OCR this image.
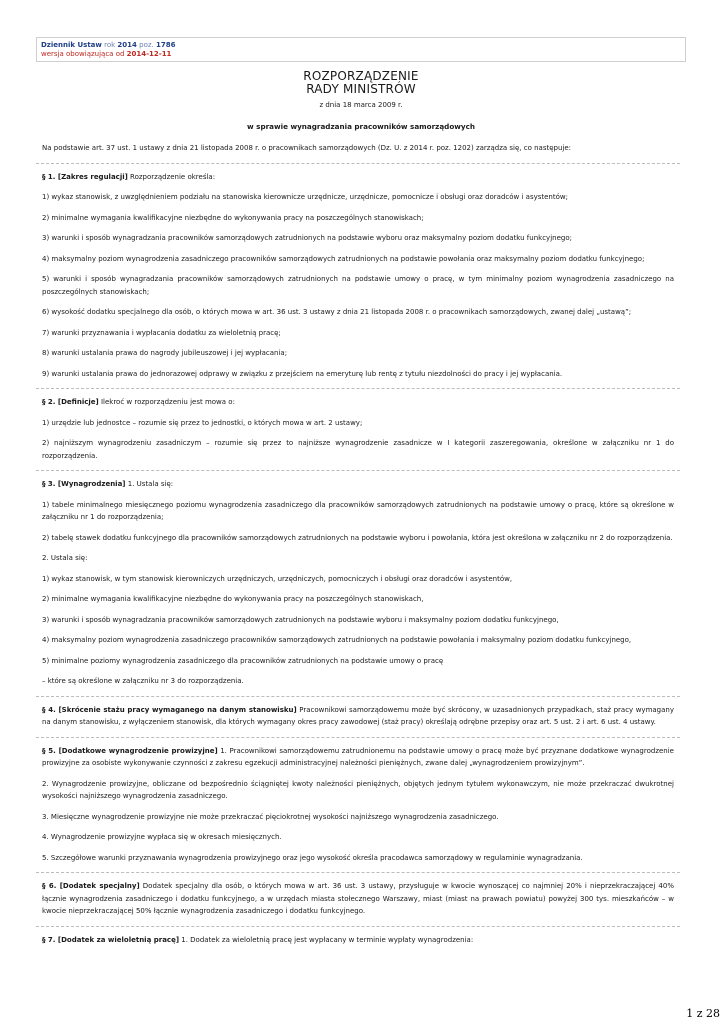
Dziennik Ustaw rok 2014 poz. 1786
wersja obowiązująca od 2014-12-11
ROZPORZĄDZENIE
RADY MINISTRÓW
z dnia 18 marca 2009 r.
w sprawie wynagradzania pracowników samorządowych

Na podstawie art. 37 ust. 1 ustawy z dnia 21 listopada 2008 r. o pracownikach samorządowych (Dz. U. z 2014 r. poz. 1202) zarządza się, co następuje:

§ 1. [Zakres regulacji] Rozporządzenie określa:

1) wykaz stanowisk, z uwzględnieniem podziału na stanowiska kierownicze urzędnicze, urzędnicze, pomocnicze i obsługi oraz doradców i asystentów;

2) minimalne wymagania kwalifikacyjne niezbędne do wykonywania pracy na poszczególnych stanowiskach;

3) warunki i sposób wynagradzania pracowników samorządowych zatrudnionych na podstawie wyboru oraz maksymalny poziom dodatku funkcyjnego;

4) maksymalny poziom wynagrodzenia zasadniczego pracowników samorządowych zatrudnionych na podstawie powołania oraz maksymalny poziom dodatku funkcyjnego;

5) warunki i sposób wynagradzania pracowników samorządowych zatrudnionych na podstawie umowy o pracę, w tym minimalny poziom wynagrodzenia zasadniczego na poszczególnych stanowiskach;

6) wysokość dodatku specjalnego dla osób, o których mowa w art. 36 ust. 3 ustawy z dnia 21 listopada 2008 r. o pracownikach samorządowych, zwanej dalej „ustawą”;

7) warunki przyznawania i wypłacania dodatku za wieloletnią pracę;

8) warunki ustalania prawa do nagrody jubileuszowej i jej wypłacania;

9) warunki ustalania prawa do jednorazowej odprawy w związku z przejściem na emeryturę lub rentę z tytułu niezdolności do pracy i jej wypłacania.

§ 2. [Definicje] Ilekroć w rozporządzeniu jest mowa o:

1) urzędzie lub jednostce – rozumie się przez to jednostki, o których mowa w art. 2 ustawy;

2) najniższym wynagrodzeniu zasadniczym – rozumie się przez to najniższe wynagrodzenie zasadnicze w I kategorii zaszeregowania, określone w załączniku nr 1 do rozporządzenia.

§ 3. [Wynagrodzenia] 1. Ustala się:

1) tabele minimalnego miesięcznego poziomu wynagrodzenia zasadniczego dla pracowników samorządowych zatrudnionych na podstawie umowy o pracę, które są określone w załączniku nr 1 do rozporządzenia;

2) tabelę stawek dodatku funkcyjnego dla pracowników samorządowych zatrudnionych na podstawie wyboru i powołania, która jest określona w załączniku nr 2 do rozporządzenia.

2. Ustala się:

1) wykaz stanowisk, w tym stanowisk kierowniczych urzędniczych, urzędniczych, pomocniczych i obsługi oraz doradców i asystentów,

2) minimalne wymagania kwalifikacyjne niezbędne do wykonywania pracy na poszczególnych stanowiskach,

3) warunki i sposób wynagradzania pracowników samorządowych zatrudnionych na podstawie wyboru i maksymalny poziom dodatku funkcyjnego,

4) maksymalny poziom wynagrodzenia zasadniczego pracowników samorządowych zatrudnionych na podstawie powołania i maksymalny poziom dodatku funkcyjnego,

5) minimalne poziomy wynagrodzenia zasadniczego dla pracowników zatrudnionych na podstawie umowy o pracę

– które są określone w załączniku nr 3 do rozporządzenia.

§ 4. [Skrócenie stażu pracy wymaganego na danym stanowisku] Pracownikowi samorządowemu może być skrócony, w uzasadnionych przypadkach, staż pracy wymagany na danym stanowisku, z wyłączeniem stanowisk, dla których wymagany okres pracy zawodowej (staż pracy) określają odrębne przepisy oraz art. 5 ust. 2 i art. 6 ust. 4 ustawy.

§ 5. [Dodatkowe wynagrodzenie prowizyjne] 1. Pracownikowi samorządowemu zatrudnionemu na podstawie umowy o pracę może być przyznane dodatkowe wynagrodzenie prowizyjne za osobiste wykonywanie czynności z zakresu egzekucji administracyjnej należności pieniężnych, zwane dalej „wynagrodzeniem prowizyjnym”.

2. Wynagrodzenie prowizyjne, obliczane od bezpośrednio ściągniętej kwoty należności pieniężnych, objętych jednym tytułem wykonawczym, nie może przekraczać dwukrotnej wysokości najniższego wynagrodzenia zasadniczego.

3. Miesięczne wynagrodzenie prowizyjne nie może przekraczać pięciokrotnej wysokości najniższego wynagrodzenia zasadniczego.

4. Wynagrodzenie prowizyjne wypłaca się w okresach miesięcznych.

5. Szczegółowe warunki przyznawania wynagrodzenia prowizyjnego oraz jego wysokość określa pracodawca samorządowy w regulaminie wynagradzania.

§ 6. [Dodatek specjalny] Dodatek specjalny dla osób, o których mowa w art. 36 ust. 3 ustawy, przysługuje w kwocie wynoszącej co najmniej 20% i nieprzekraczającej 40% łącznie wynagrodzenia zasadniczego i dodatku funkcyjnego, a w urzędach miasta stołecznego Warszawy, miast (miast na prawach powiatu) powyżej 300 tys. mieszkańców – w kwocie nieprzekraczającej 50% łącznie wynagrodzenia zasadniczego i dodatku funkcyjnego.

§ 7. [Dodatek za wieloletnią pracę] 1. Dodatek za wieloletnią pracę jest wypłacany w terminie wypłaty wynagrodzenia:

1 z 28
